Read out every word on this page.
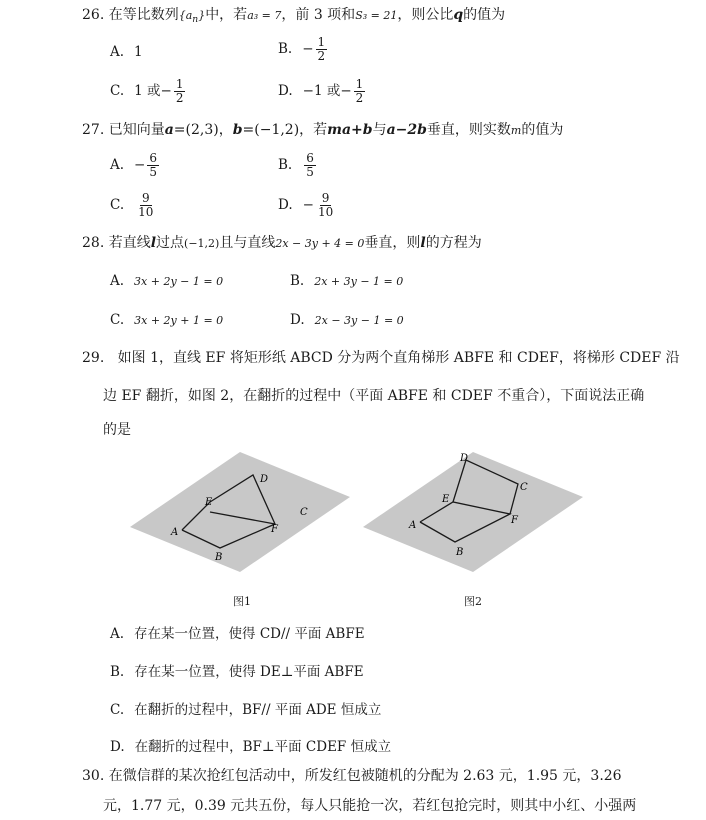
26. 在等比数列$\{a_n\}$中，若a₃ = 7，前 3 项和S₃ = 21，则公比q的值为
A. 1	B. − $\frac{1}{2}$
C. 1 或− $\frac{1}{2}$	D. −1 或− $\frac{1}{2}$
27. 已知向量a=(2,3)，b=(−1,2)，若ma+b与a−2b垂直，则实数m的值为
A. − $\frac{6}{5}$	B. $\frac{6}{5}$
C. $\frac{9}{10}$	D. − $\frac{9}{10}$
28. 若直线l过点(−1,2)且与直线2x − 3y + 4 = 0垂直，则l的方程为
A. 3x + 2y − 1 = 0	B. 2x + 3y − 1 = 0
C. 3x + 2y + 1 = 0	D. 2x − 3y − 1 = 0
29. 如图 1，直线 EF 将矩形纸 ABCD 分为两个直角梯形 ABFE 和 CDEF，将梯形 CDEF 沿
边 EF 翻折，如图 2，在翻折的过程中（平面 ABFE 和 CDEF 不重合），下面说法正确
的是
A
B
C
D
E
F
图1
A
B
C
D
E
F
图2
A. 存在某一位置，使得 CD// 平面 ABFE
B. 存在某一位置，使得 DE⊥平面 ABFE
C. 在翻折的过程中，BF// 平面 ADE 恒成立
D. 在翻折的过程中，BF⊥平面 CDEF 恒成立
30. 在微信群的某次抢红包活动中，所发红包被随机的分配为 2.63 元，1.95 元，3.26
元，1.77 元，0.39 元共五份，每人只能抢一次，若红包抢完时，则其中小红、小强两
